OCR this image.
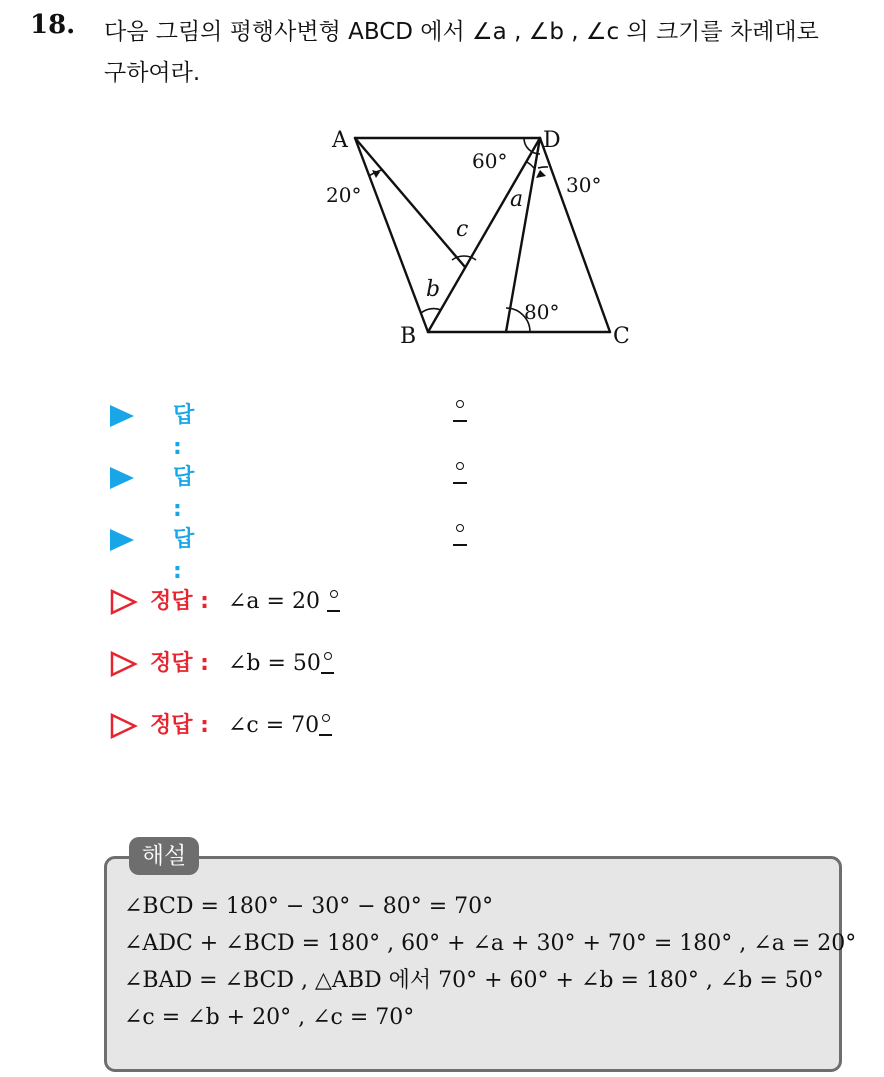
18. 다음 그림의 평행사변형 ABCD 에서 ∠a , ∠b , ∠c 의 크기를 차례대로
구하여라.
A	D
B	C
60°
20°	30°
80°
a
b
c
답 :
답 :
답 :
정답 : ∠a = 20
정답 : ∠b = 50
정답 : ∠c = 70
해설
∠BCD = 180° − 30° − 80° = 70°
∠ADC + ∠BCD = 180° , 60° + ∠a + 30° + 70° = 180° , ∠a = 20°
∠BAD = ∠BCD , △ABD 에서 70° + 60° + ∠b = 180° , ∠b = 50°
∠c = ∠b + 20° , ∠c = 70°
